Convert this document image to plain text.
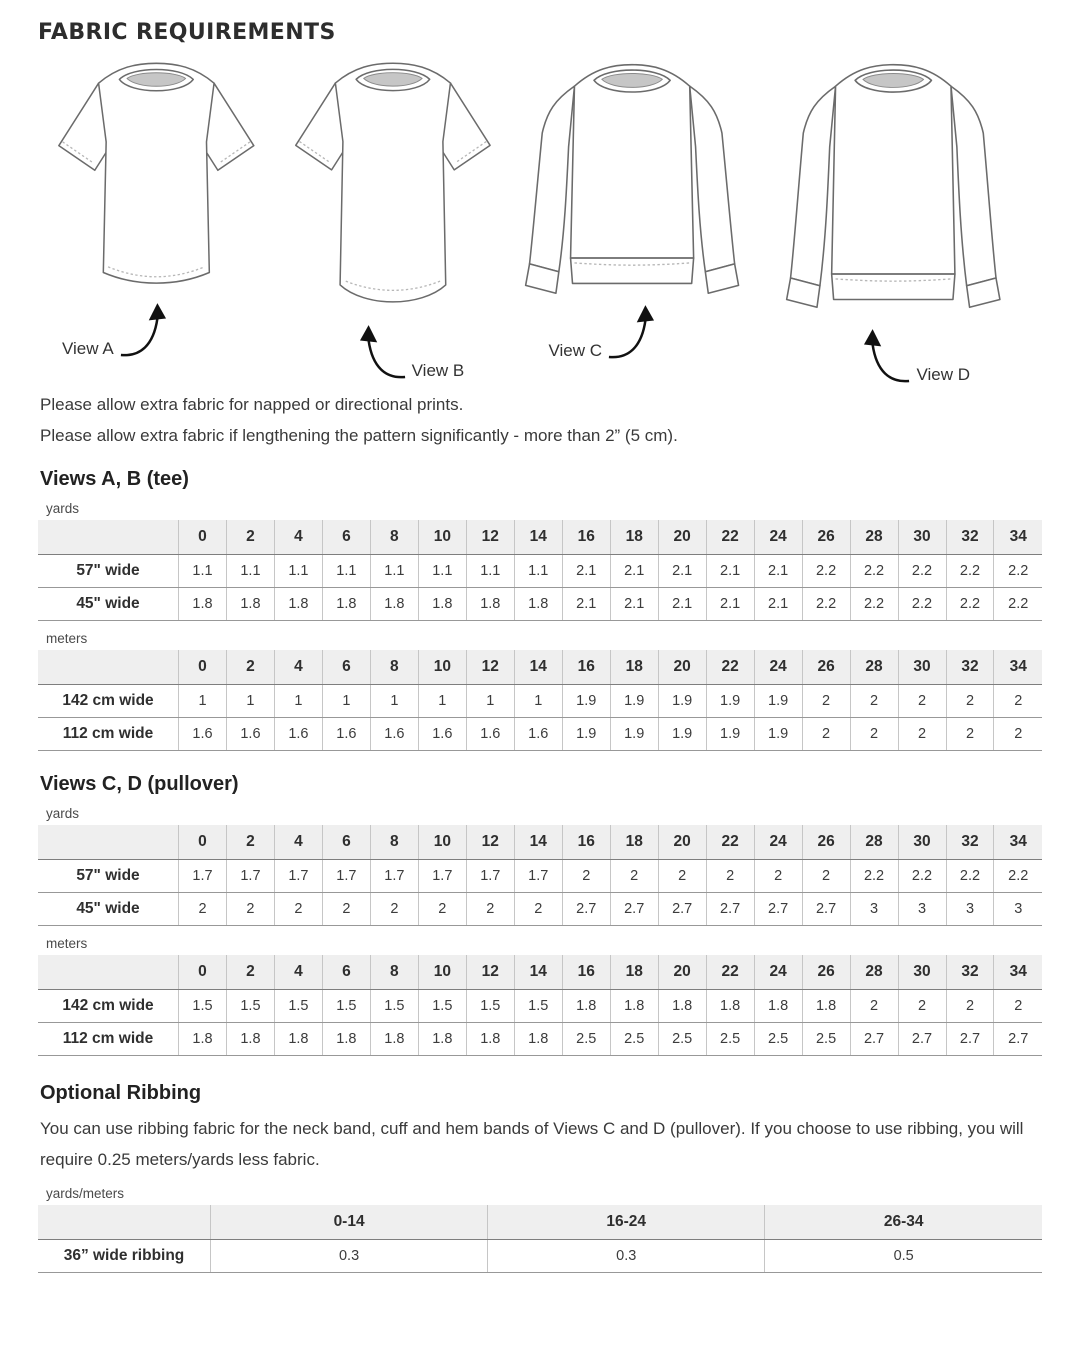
FABRIC REQUIREMENTS
View A
View B
View C
View D

Please allow extra fabric for napped or directional prints.

Please allow extra fabric if lengthening the pattern significantly - more than 2” (5 cm).

Views A, B (tee)
yards
	0	2	4	6	8	10	12	14	16	18	20	22	24	26	28	30	32	34
57" wide	1.1	1.1	1.1	1.1	1.1	1.1	1.1	1.1	2.1	2.1	2.1	2.1	2.1	2.2	2.2	2.2	2.2	2.2
45" wide	1.8	1.8	1.8	1.8	1.8	1.8	1.8	1.8	2.1	2.1	2.1	2.1	2.1	2.2	2.2	2.2	2.2	2.2
meters
	0	2	4	6	8	10	12	14	16	18	20	22	24	26	28	30	32	34
142 cm wide	1	1	1	1	1	1	1	1	1.9	1.9	1.9	1.9	1.9	2	2	2	2	2
112 cm wide	1.6	1.6	1.6	1.6	1.6	1.6	1.6	1.6	1.9	1.9	1.9	1.9	1.9	2	2	2	2	2
Views C, D (pullover)
yards
	0	2	4	6	8	10	12	14	16	18	20	22	24	26	28	30	32	34
57" wide	1.7	1.7	1.7	1.7	1.7	1.7	1.7	1.7	2	2	2	2	2	2	2.2	2.2	2.2	2.2
45" wide	2	2	2	2	2	2	2	2	2.7	2.7	2.7	2.7	2.7	2.7	3	3	3	3
meters
	0	2	4	6	8	10	12	14	16	18	20	22	24	26	28	30	32	34
142 cm wide	1.5	1.5	1.5	1.5	1.5	1.5	1.5	1.5	1.8	1.8	1.8	1.8	1.8	1.8	2	2	2	2
112 cm wide	1.8	1.8	1.8	1.8	1.8	1.8	1.8	1.8	2.5	2.5	2.5	2.5	2.5	2.5	2.7	2.7	2.7	2.7
Optional Ribbing

You can use ribbing fabric for the neck band, cuff and hem bands of Views C and D (pullover). If you choose to use ribbing, you will require 0.25 meters/yards less fabric.

yards/meters
	0-14	16-24	26-34
36” wide ribbing	0.3	0.3	0.5
